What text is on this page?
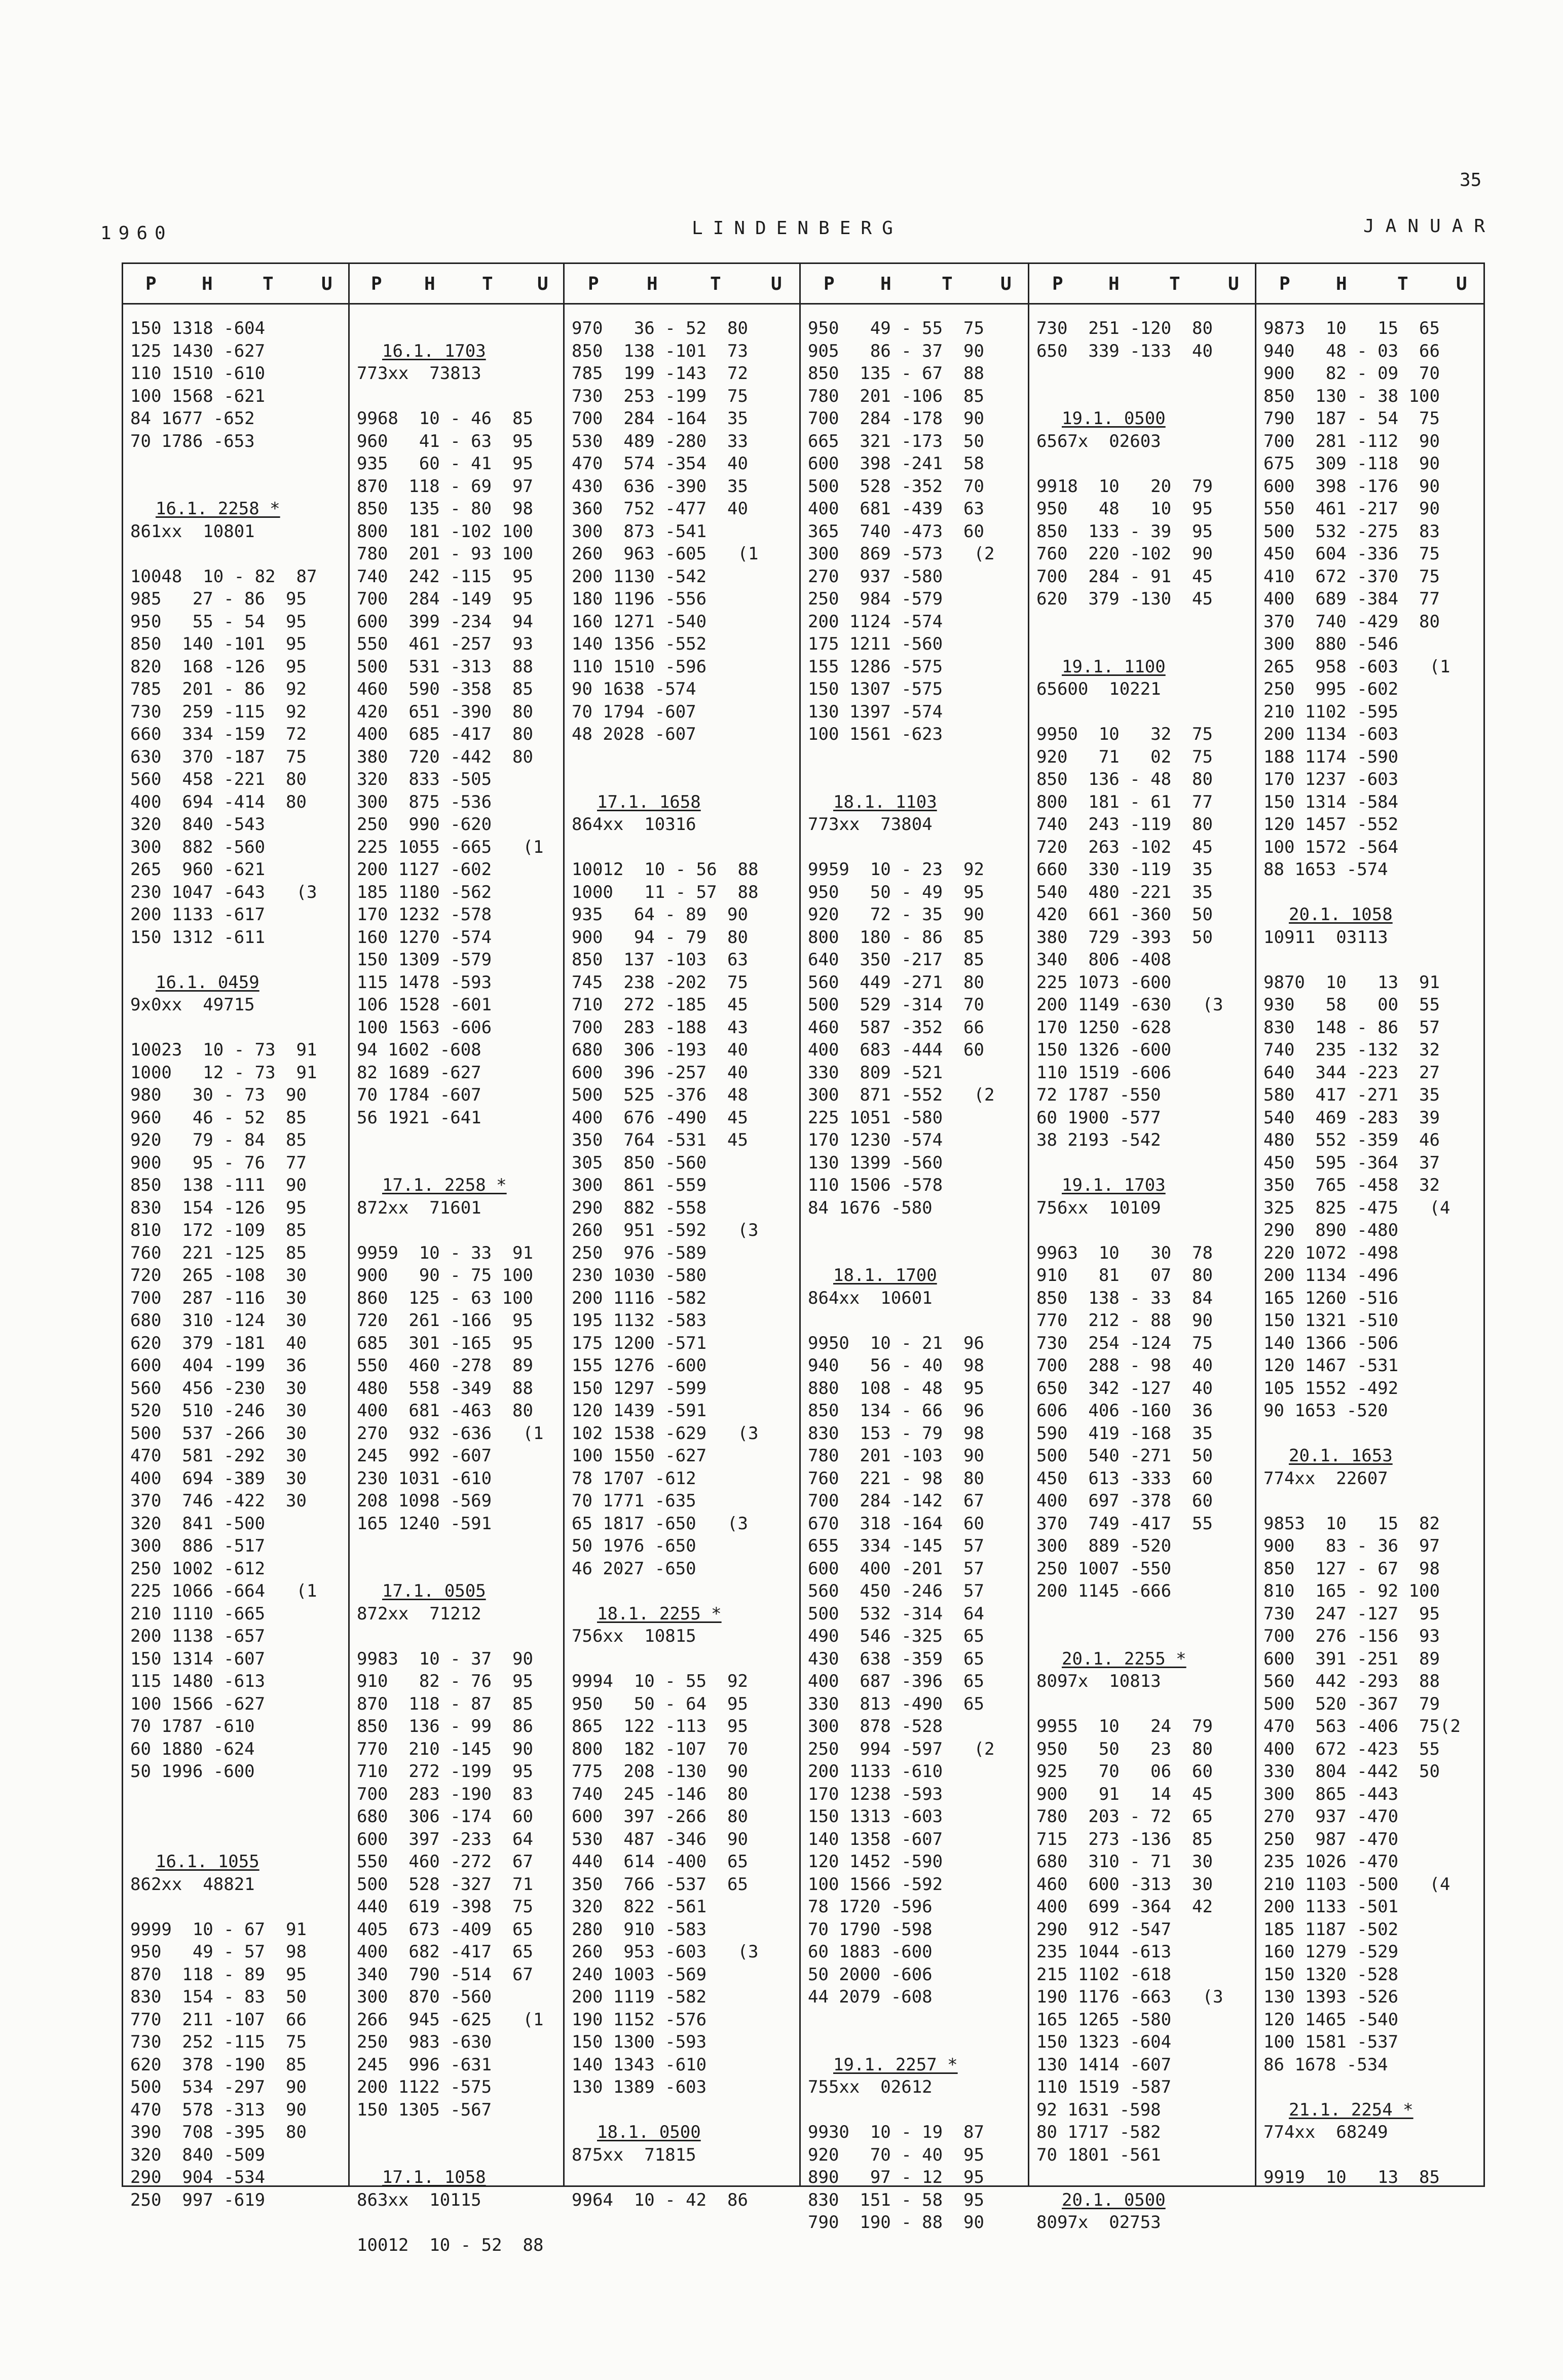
35
1960	LINDENBERG	JANUAR
P H	T	U
150 1318 -604
125 1430 -627
110 1510 -610
100 1568 -621
84 1677 -652
70 1786 -653
16.1. 2258 *
861xx  10801
10048  10 - 82  87
985   27 - 86  95
950   55 - 54  95
850  140 -101  95
820  168 -126  95
785  201 - 86  92
730  259 -115  92
660  334 -159  72
630  370 -187  75
560  458 -221  80
400  694 -414  80
320  840 -543
300  882 -560
265  960 -621
230 1047 -643   (3
200 1133 -617
150 1312 -611
16.1. 0459
9x0xx  49715
10023  10 - 73  91
1000   12 - 73  91
980   30 - 73  90
960   46 - 52  85
920   79 - 84  85
900   95 - 76  77
850  138 -111  90
830  154 -126  95
810  172 -109  85
760  221 -125  85
720  265 -108  30
700  287 -116  30
680  310 -124  30
620  379 -181  40
600  404 -199  36
560  456 -230  30
520  510 -246  30
500  537 -266  30
470  581 -292  30
400  694 -389  30
370  746 -422  30
320  841 -500
300  886 -517
250 1002 -612
225 1066 -664   (1
210 1110 -665
200 1138 -657
150 1314 -607
115 1480 -613
100 1566 -627
70 1787 -610
60 1880 -624
50 1996 -600
16.1. 1055
862xx  48821
9999  10 - 67  91
950   49 - 57  98
870  118 - 89  95
830  154 - 83  50
770  211 -107  66
730  252 -115  75
620  378 -190  85
500  534 -297  90
470  578 -313  90
390  708 -395  80
320  840 -509
290  904 -534
250  997 -619
P H	T U
16.1. 1703
773xx  73813
9968  10 - 46  85
960   41 - 63  95
935   60 - 41  95
870  118 - 69  97
850  135 - 80  98
800  181 -102 100
780  201 - 93 100
740  242 -115  95
700  284 -149  95
600  399 -234  94
550  461 -257  93
500  531 -313  88
460  590 -358  85
420  651 -390  80
400  685 -417  80
380  720 -442  80
320  833 -505
300  875 -536
250  990 -620
225 1055 -665   (1
200 1127 -602
185 1180 -562
170 1232 -578
160 1270 -574
150 1309 -579
115 1478 -593
106 1528 -601
100 1563 -606
94 1602 -608
82 1689 -627
70 1784 -607
56 1921 -641
17.1. 2258 *
872xx  71601
9959  10 - 33  91
900   90 - 75 100
860  125 - 63 100
720  261 -166  95
685  301 -165  95
550  460 -278  89
480  558 -349  88
400  681 -463  80
270  932 -636   (1
245  992 -607
230 1031 -610
208 1098 -569
165 1240 -591
17.1. 0505
872xx  71212
9983  10 - 37  90
910   82 - 76  95
870  118 - 87  85
850  136 - 99  86
770  210 -145  90
710  272 -199  95
700  283 -190  83
680  306 -174  60
600  397 -233  64
550  460 -272  67
500  528 -327  71
440  619 -398  75
405  673 -409  65
400  682 -417  65
340  790 -514  67
300  870 -560
266  945 -625   (1
250  983 -630
245  996 -631
200 1122 -575
150 1305 -567
17.1. 1058
863xx  10115
10012  10 - 52  88
P	H	T	U
970   36 - 52  80
850  138 -101  73
785  199 -143  72
730  253 -199  75
700  284 -164  35
530  489 -280  33
470  574 -354  40
430  636 -390  35
360  752 -477  40
300  873 -541
260  963 -605   (1
200 1130 -542
180 1196 -556
160 1271 -540
140 1356 -552
110 1510 -596
90 1638 -574
70 1794 -607
48 2028 -607
17.1. 1658
864xx  10316
10012  10 - 56  88
1000   11 - 57  88
935   64 - 89  90
900   94 - 79  80
850  137 -103  63
745  238 -202  75
710  272 -185  45
700  283 -188  43
680  306 -193  40
600  396 -257  40
500  525 -376  48
400  676 -490  45
350  764 -531  45
305  850 -560
300  861 -559
290  882 -558
260  951 -592   (3
250  976 -589
230 1030 -580
200 1116 -582
195 1132 -583
175 1200 -571
155 1276 -600
150 1297 -599
120 1439 -591
102 1538 -629   (3
100 1550 -627
78 1707 -612
70 1771 -635
65 1817 -650   (3
50 1976 -650
46 2027 -650
18.1. 2255 *
756xx  10815
9994  10 - 55  92
950   50 - 64  95
865  122 -113  95
800  182 -107  70
775  208 -130  90
740  245 -146  80
600  397 -266  80
530  487 -346  90
440  614 -400  65
350  766 -537  65
320  822 -561
280  910 -583
260  953 -603   (3
240 1003 -569
200 1119 -582
190 1152 -576
150 1300 -593
140 1343 -610
130 1389 -603
18.1. 0500
875xx  71815
9964  10 - 42  86
P	H	T	U
950   49 - 55  75
905   86 - 37  90
850  135 - 67  88
780  201 -106  85
700  284 -178  90
665  321 -173  50
600  398 -241  58
500  528 -352  70
400  681 -439  63
365  740 -473  60
300  869 -573   (2
270  937 -580
250  984 -579
200 1124 -574
175 1211 -560
155 1286 -575
150 1307 -575
130 1397 -574
100 1561 -623
18.1. 1103
773xx  73804
9959  10 - 23  92
950   50 - 49  95
920   72 - 35  90
800  180 - 86  85
640  350 -217  85
560  449 -271  80
500  529 -314  70
460  587 -352  66
400  683 -444  60
330  809 -521
300  871 -552   (2
225 1051 -580
170 1230 -574
130 1399 -560
110 1506 -578
84 1676 -580
18.1. 1700
864xx  10601
9950  10 - 21  96
940   56 - 40  98
880  108 - 48  95
850  134 - 66  96
830  153 - 79  98
780  201 -103  90
760  221 - 98  80
700  284 -142  67
670  318 -164  60
655  334 -145  57
600  400 -201  57
560  450 -246  57
500  532 -314  64
490  546 -325  65
430  638 -359  65
400  687 -396  65
330  813 -490  65
300  878 -528
250  994 -597   (2
200 1133 -610
170 1238 -593
150 1313 -603
140 1358 -607
120 1452 -590
100 1566 -592
78 1720 -596
70 1790 -598
60 1883 -600
50 2000 -606
44 2079 -608
19.1. 2257 *
755xx  02612
9930  10 - 19  87
920   70 - 40  95
890   97 - 12  95
830  151 - 58  95
790  190 - 88  90
P H	T	U
730  251 -120  80
650  339 -133  40
19.1. 0500
6567x  02603
9918  10   20  79
950   48   10  95
850  133 - 39  95
760  220 -102  90
700  284 - 91  45
620  379 -130  45
19.1. 1100
65600  10221
9950  10   32  75
920   71   02  75
850  136 - 48  80
800  181 - 61  77
740  243 -119  80
720  263 -102  45
660  330 -119  35
540  480 -221  35
420  661 -360  50
380  729 -393  50
340  806 -408
225 1073 -600
200 1149 -630   (3
170 1250 -628
150 1326 -600
110 1519 -606
72 1787 -550
60 1900 -577
38 2193 -542
19.1. 1703
756xx  10109
9963  10   30  78
910   81   07  80
850  138 - 33  84
770  212 - 88  90
730  254 -124  75
700  288 - 98  40
650  342 -127  40
606  406 -160  36
590  419 -168  35
500  540 -271  50
450  613 -333  60
400  697 -378  60
370  749 -417  55
300  889 -520
250 1007 -550
200 1145 -666
20.1. 2255 *
8097x  10813
9955  10   24  79
950   50   23  80
925   70   06  60
900   91   14  45
780  203 - 72  65
715  273 -136  85
680  310 - 71  30
460  600 -313  30
400  699 -364  42
290  912 -547
235 1044 -613
215 1102 -618
190 1176 -663   (3
165 1265 -580
150 1323 -604
130 1414 -607
110 1519 -587
92 1631 -598
80 1717 -582
70 1801 -561
20.1. 0500
8097x  02753
P	H	T	U
9873  10   15  65
940   48 - 03  66
900   82 - 09  70
850  130 - 38 100
790  187 - 54  75
700  281 -112  90
675  309 -118  90
600  398 -176  90
550  461 -217  90
500  532 -275  83
450  604 -336  75
410  672 -370  75
400  689 -384  77
370  740 -429  80
300  880 -546
265  958 -603   (1
250  995 -602
210 1102 -595
200 1134 -603
188 1174 -590
170 1237 -603
150 1314 -584
120 1457 -552
100 1572 -564
88 1653 -574
20.1. 1058
10911  03113
9870  10   13  91
930   58   00  55
830  148 - 86  57
740  235 -132  32
640  344 -223  27
580  417 -271  35
540  469 -283  39
480  552 -359  46
450  595 -364  37
350  765 -458  32
325  825 -475   (4
290  890 -480
220 1072 -498
200 1134 -496
165 1260 -516
150 1321 -510
140 1366 -506
120 1467 -531
105 1552 -492
90 1653 -520
20.1. 1653
774xx  22607
9853  10   15  82
900   83 - 36  97
850  127 - 67  98
810  165 - 92 100
730  247 -127  95
700  276 -156  93
600  391 -251  89
560  442 -293  88
500  520 -367  79
470  563 -406  75(2
400  672 -423  55
330  804 -442  50
300  865 -443
270  937 -470
250  987 -470
235 1026 -470
210 1103 -500   (4
200 1133 -501
185 1187 -502
160 1279 -529
150 1320 -528
130 1393 -526
120 1465 -540
100 1581 -537
86 1678 -534
21.1. 2254 *
774xx  68249
9919  10   13  85
